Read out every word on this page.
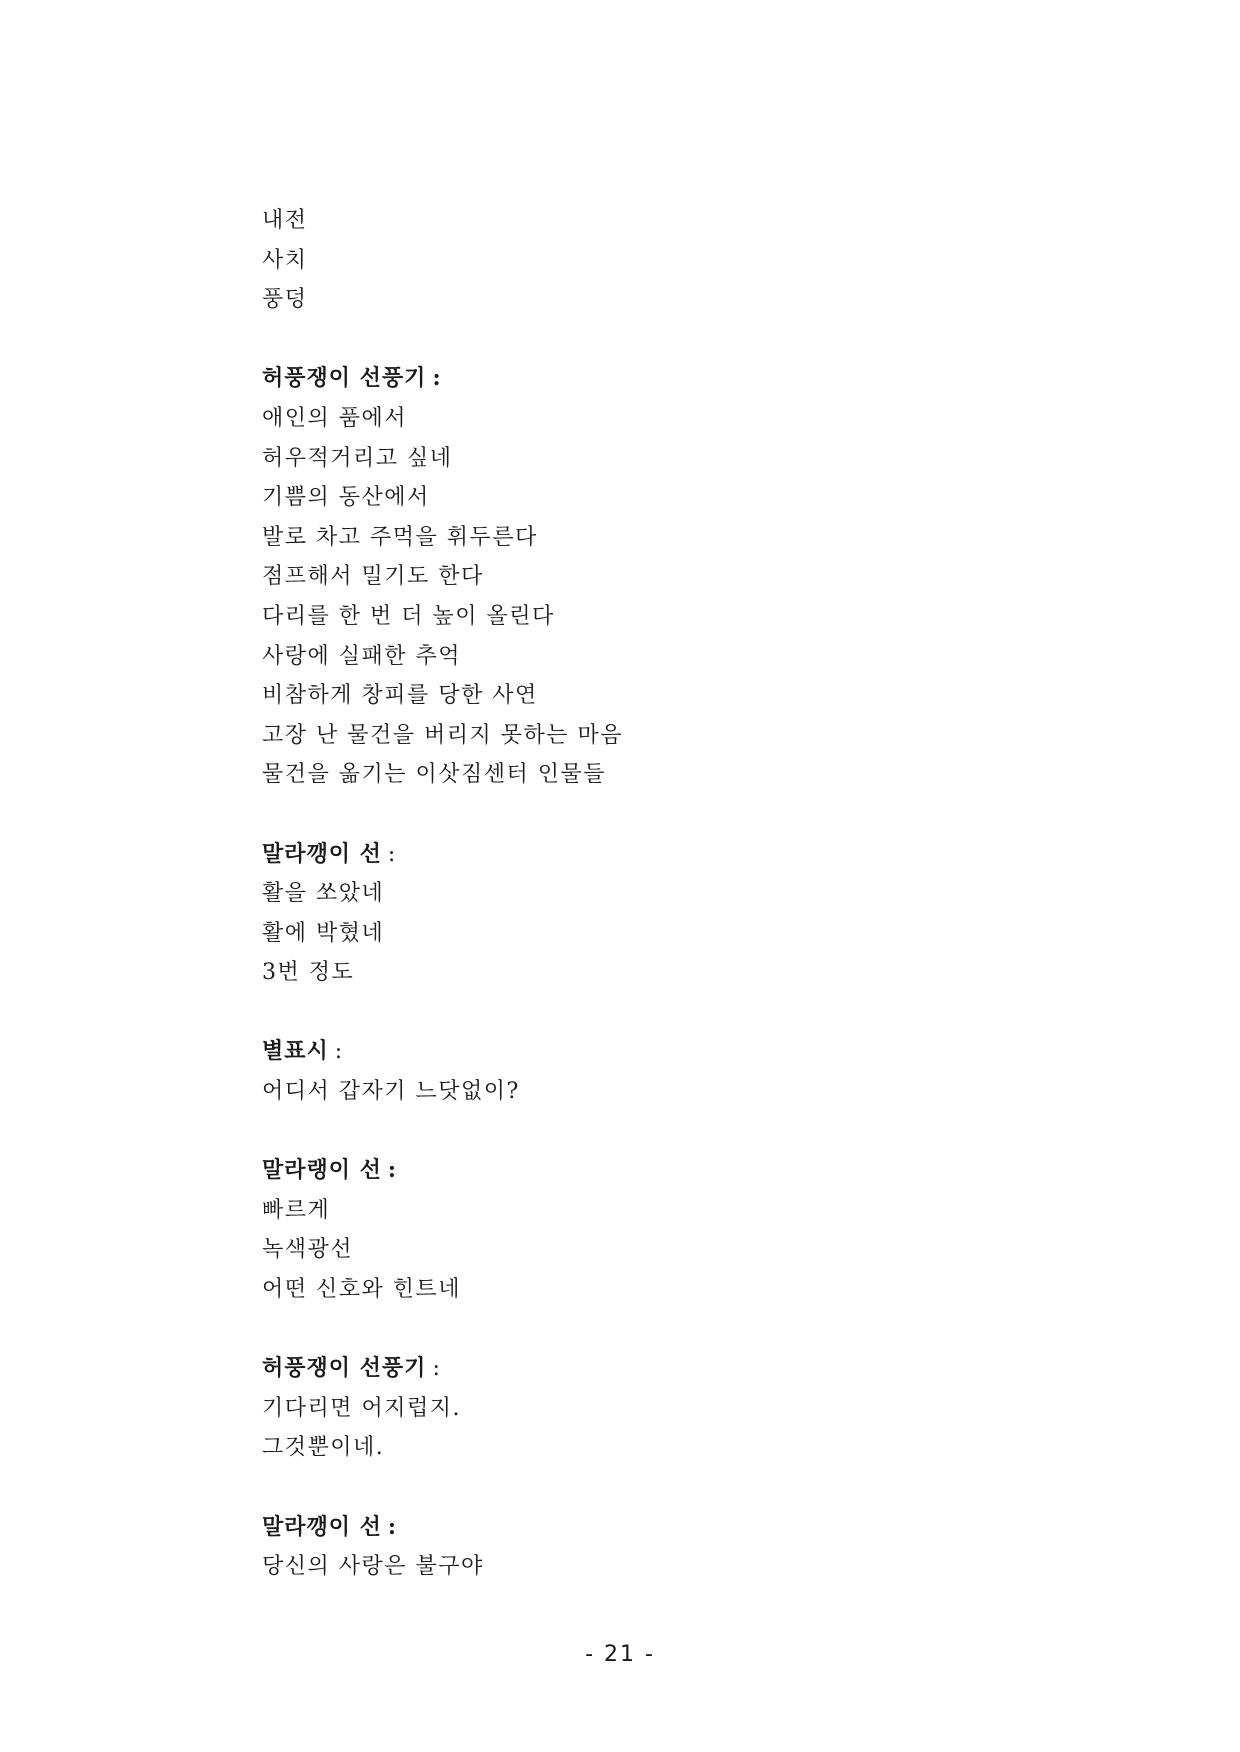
내전
사치
풍덩
허풍쟁이 선풍기 :
애인의 품에서
허우적거리고 싶네
기쁨의 동산에서
발로 차고 주먹을 휘두른다
점프해서 밀기도 한다
다리를 한 번 더 높이 올린다
사랑에 실패한 추억
비참하게 창피를 당한 사연
고장 난 물건을 버리지 못하는 마음
물건을 옮기는 이삿짐센터 인물들
말라깽이 선 :
활을 쏘았네
활에 박혔네
3번 정도
별표시 :
어디서 갑자기 느닷없이?
말라랭이 선 :
빠르게
녹색광선
어떤 신호와 힌트네
허풍쟁이 선풍기 :
기다리면 어지럽지.
그것뿐이네.
말라깽이 선 :
당신의 사랑은 불구야
- 21 -
